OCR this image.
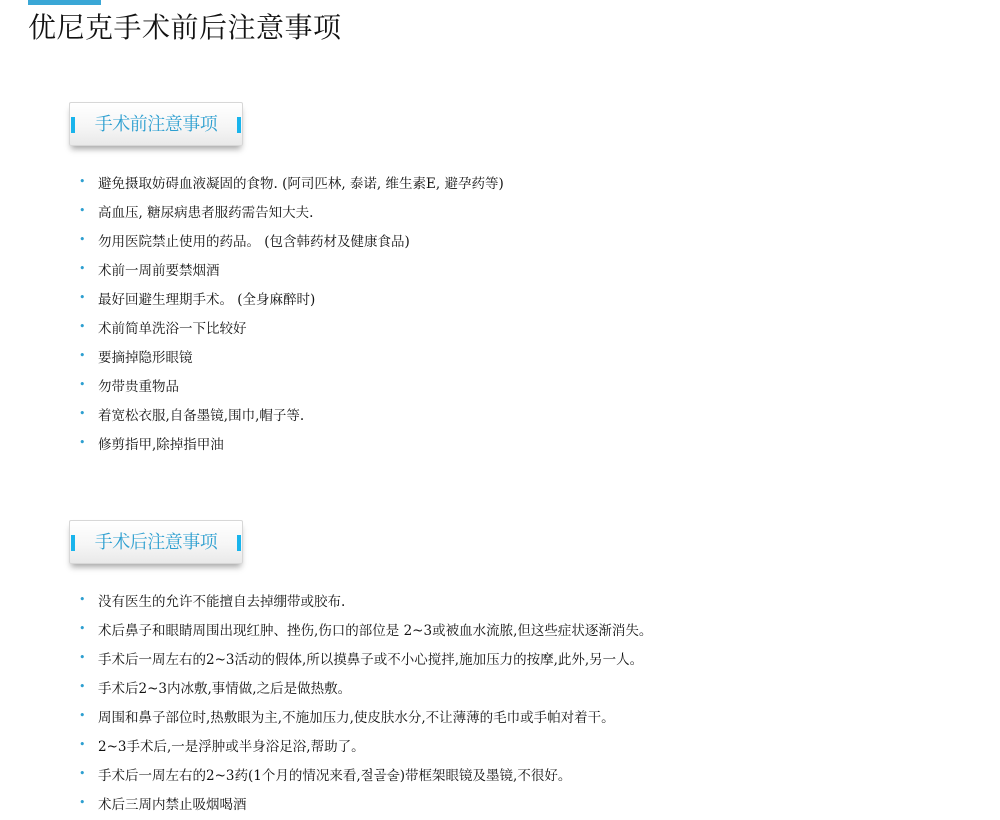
优尼克手术前后注意事项
手术前注意事项
• 避免摄取妨碍血液凝固的食物. (阿司匹林, 泰诺, 维生素E, 避孕药等)
• 高血压, 糖尿病患者服药需告知大夫.
• 勿用医院禁止使用的药品。 (包含韩药材及健康食品)
• 术前一周前要禁烟酒
• 最好回避生理期手术。 (全身麻醉时)
• 术前简单洗浴一下比较好
• 要摘掉隐形眼镜
• 勿带贵重物品
• 着宽松衣服,自备墨镜,围巾,帽子等.
• 修剪指甲,除掉指甲油
手术后注意事项
• 没有医生的允许不能擅自去掉绷带或胶布.
• 术后鼻子和眼睛周围出现红肿、挫伤,伤口的部位是 2~3或被血水流脓,但这些症状逐渐消失。
• 手术后一周左右的2~3活动的假体,所以摸鼻子或不小心搅拌,施加压力的按摩,此外,另一人。
• 手术后2~3内冰敷,事情做,之后是做热敷。
• 周围和鼻子部位时,热敷眼为主,不施加压力,使皮肤水分,不让薄薄的毛巾或手帕对着干。
• 2~3手术后,一是浮肿或半身浴足浴,帮助了。
• 手术后一周左右的2~3药(1个月的情况来看,절골술)带框架眼镜及墨镜,不很好。
• 术后三周内禁止吸烟喝酒
